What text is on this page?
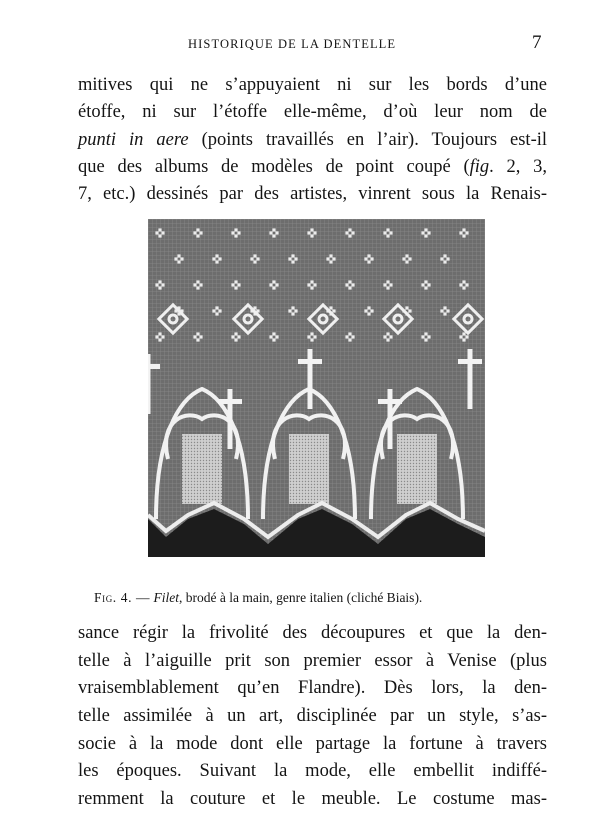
HISTORIQUE DE LA DENTELLE	7
mitives qui ne s’appuyaient ni sur les bords d’une
étoffe, ni sur l’étoffe elle-même, d’où leur nom de
punti in aere (points travaillés en l’air). Toujours est-il
que des albums de modèles de point coupé (fig. 2, 3,
7, etc.) dessinés par des artistes, vinrent sous la Renais-
Fig. 4. — Filet, brodé à la main, genre italien (cliché Biais).
sance régir la frivolité des découpures et que la den-
telle à l’aiguille prit son premier essor à Venise (plus
vraisemblablement qu’en Flandre). Dès lors, la den-
telle assimilée à un art, disciplinée par un style, s’as-
socie à la mode dont elle partage la fortune à travers
les époques. Suivant la mode, elle embellit indiffé-
remment la couture et le meuble. Le costume mas-
